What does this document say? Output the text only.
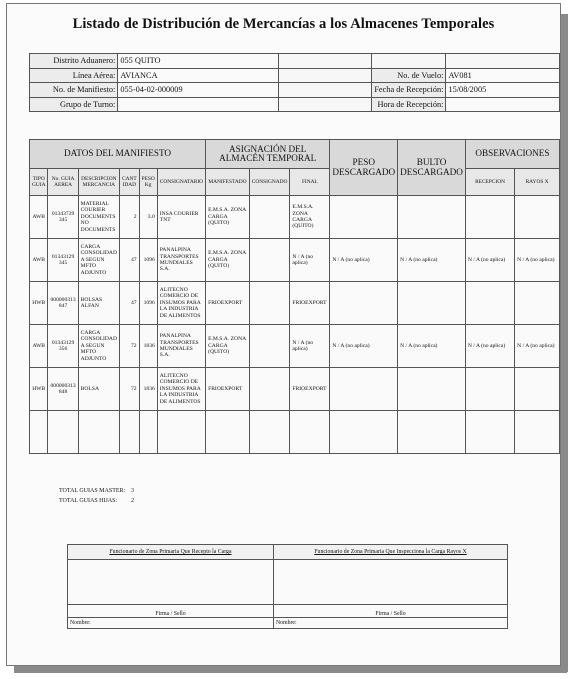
Listado de Distribución de Mercancías a los Almacenes Temporales
Distrito Aduanero:	055 QUITO			
Línea Aérea:	AVIANCA		No. de Vuelo:	AV081
No. de Manifiesto:	055-04-02-000009		Fecha de Recepción:	15/08/2005
Grupo de Turno:			Hora de Recepción:	
DATOS DEL MANIFIESTO						ASIGNACIÓN DEL ALMACÉN TEMPORAL			PESO DESCARGADO	BULTO DESCARGADO	OBSERVACIONES	
TIPO GUIA	No. GUIA AEREA	DESCRIPCION MERCANCIA	CANT IDAD	PESO Kg	CONSIGNATARIO	MANIFESTADO	CONSIGNADO	FINAL			RECEPCION	RAYOS X
AWB	01343739 345	MATERIAL COURIER DOCUMENTS NO DOCUMENTS	2	3.0	INSA COURIER TNT	E.M.S.A. ZONA CARGA (QUITO)		E.M.S.A. ZONA CARGA (QUITO)				
AWB	01343129 345	CARGA CONSOLIDAD A SEGUN MFTO ADJUNTO	47	1096	PANALPINA TRANSPORTES MUNDIALES S.A.	E.M.S.A. ZONA CARGA (QUITO)		N / A (no aplica)	N / A (no aplica)	N / A (no aplica)	N / A (no aplica)	N / A (no aplica)
HWB	000000313 847	BOLSAS ALFAN	47	1096	ALITECNO COMERCIO DE INSUMOS PARA LA INDUSTRIA DE ALIMENTOS	FRIOEXPORT		FRIOEXPORT				
AWB	01343129 356	CARGA CONSOLIDAD A SEGUN MFTO ADJUNTO	72	1836	PANALPINA TRANSPORTES MUNDIALES S.A.	E.M.S.A. ZONA CARGA (QUITO)		N / A (no aplica)	N / A (no aplica)	N / A (no aplica)	N / A (no aplica)	N / A (no aplica)
HWB	000000313 848	BOLSA	72	1836	ALITECNO COMERCIO DE INSUMOS PARA LA INDUSTRIA DE ALIMENTOS	FRIOEXPORT		FRIOEXPORT				

TOTAL GUIAS MASTER: 3
TOTAL GUIAS HIJAS:	2
Funcionario de Zona Primaria Que Recepto la Carga	Funcionario de Zona Primaria Que Inspecciona la Carga Rayos X

Firma / Sello	Firma / Sello
Nombre:	Nombre:
